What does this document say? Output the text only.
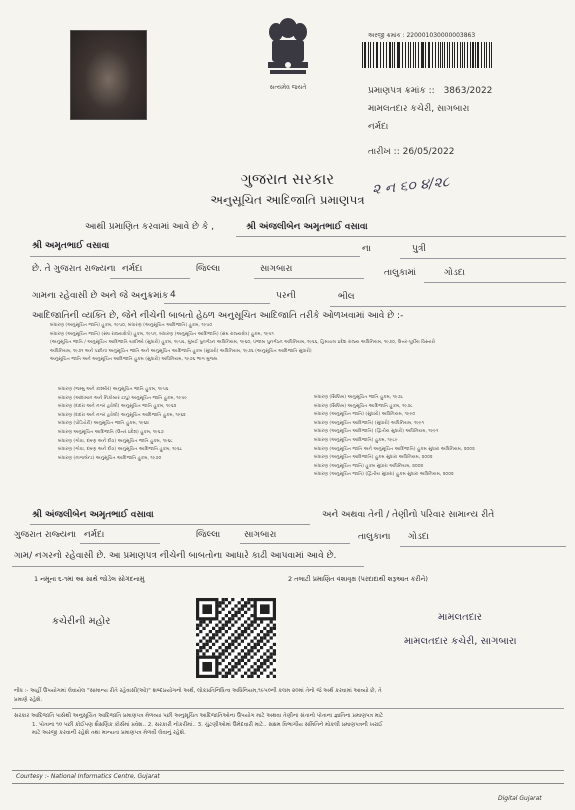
સત્યમેવ જયતે
અરજી ક્રમાંક : 220001030000003863
પ્રમાણપત્ર ક્રમાંક :: 3863/2022
મામલતદાર કચેરી, સાગબારા
નર્મદા
તારીખ :: 26/05/2022
ગુજરાત સરકાર
અનુસૂચિત આદિજાતિ પ્રમાણપત્ર
૨ ન ૬૦ ૪/૨૮
આથી પ્રમાણિત કરવામાં આવે છે કે ,	શ્રી અંજલીબેન અમૃતભાઈ વસાવા
શ્રી અમૃતભાઈ વસાવા	ના	પુત્રી
છે. તે ગુજરાત રાજ્યના નર્મદા	જિલ્લા	સાગબારા	તાલુકામાં	ગોડદા
ગામના રહેવાસી છે અને જે અનુક્રમાંક 4	પરની	ભીલ
આદિજાતિની વ્યક્તિ છે, જેને નીચેની બાબતો હેઠળ અનુસૂચિત આદિજાતિ તરીકે ઓળખવામાં આવે છે :-
બંધારણ (અનુસૂચિત જાતિ) હુકમ, ૧૯૫૦, બંધારણ (અનુસૂચિત આદિજાતિ) હુકમ, ૧૯૫૦
બંધારણ (અનુસૂચિત જાતિ) (સંઘ રાજ્યક્ષેત્રો) હુકમ, ૧૯૫૧, બંધારણ (અનુસૂચિત આદિજાતિ) (સંઘ રાજ્યક્ષેત્ર) હુકમ, ૧૯૫૧
(અનુસૂચિત જાતિ / અનુસૂચિત આદિજાતિ યાદીઓ (સુધારો) હુકમ, ૧૯૫૬, મુંબઈ પુનર્ગઠન અધિનિયમ, ૧૯૬૦, પંજાબ પુનર્ગઠન અધિનિયમ, ૧૯૬૬, હિમાચલ પ્રદેશ રાજ્ય અધિનિયમ, ૧૯૭૦, ઉત્તર-પૂર્વીય વિસ્તારો
અધિનિયમ, ૧૯૭૧ અને પછીના અનુસૂચિત જાતિ અને અનુસૂચિત આદિજાતિ હુકમ (સુધારો) અધિનિયમ, ૧૯૭૬ (અનુસૂચિત આદિજાતિ સુધારો)
અનુસૂચિત જાતિ અને અનુસૂચિત આદિજાતિ હુકમ (સુધારો) અધિનિયમ, ૧૯૭૬ ભાગ મુજબ

બંધારણ (જમ્મુ અને કાશ્મીર) અનુસૂચિત જાતિ હુકમ, ૧૯૫૬
બંધારણ (આંદામાન અને નિકોબાર ટાપુ) અનુસૂચિત જાતિ હુકમ, ૧૯૫૯
બંધારણ (દાદરા અને નગર હવેલી) અનુસૂચિત જાતિ હુકમ, ૧૯૬૨
બંધારણ (દાદરા અને નગર હવેલી) અનુસૂચિત આદિજાતિ હુકમ, ૧૯૬૨
બંધારણ (પોંડિચેરી) અનુસૂચિત જાતિ હુકમ, ૧૯૬૪
બંધારણ અનુસૂચિત આદિજાતિ (ઉત્તર પ્રદેશ) હુકમ, ૧૯૬૭
બંધારણ (ગોવા, દમણ અને દીવ) અનુસૂચિત જાતિ હુકમ, ૧૯૬૮
બંધારણ (ગોવા, દમણ અને દીવ) અનુસૂચિત આદિજાતિ હુકમ, ૧૯૬૮
બંધારણ (નાગાલેન્ડ) અનુસૂચિત આદિજાતિ હુકમ, ૧૯૭૦
બંધારણ (સિક્કિમ) અનુસૂચિત જાતિ હુકમ, ૧૯૭૮
બંધારણ (સિક્કિમ) અનુસૂચિત આદિજાતિ હુકમ, ૧૯૭૮
બંધારણ (અનુસૂચિત જાતિ) (સુધારો) અધિનિયમ, ૧૯૯૦
બંધારણ (અનુસૂચિત આદિજાતિ) (સુધારો) અધિનિયમ, ૧૯૯૧
બંધારણ (અનુસૂચિત આદિજાતિ) (દ્વિતીય સુધારો) અધિનિયમ, ૧૯૯૧
બંધારણ (અનુસૂચિત આદિજાતિ) હુકમ, ૧૯૮૯
બંધારણ (અનુસૂચિત જાતિ અને અનુસૂચિત આદિજાતિ) હુકમ સુધારા અધિનિયમ, ૨૦૦૨
બંધારણ (અનુસૂચિત આદિજાતિ) હુકમ સુધારા અધિનિયમ, ૨૦૦૨
બંધારણ (અનુસૂચિત જાતિ) હુકમ સુધારા અધિનિયમ, ૨૦૦૨
બંધારણ (અનુસૂચિત જાતિ) (દ્વિતીય સુધારા) હુકમ સુધારા અધિનિયમ, ૨૦૦૨
શ્રી અંજલીબેન અમૃતભાઈ વસાવા	અને અથવા તેની / તેણીનો પરિવાર સામાન્ય રીતે
ગુજરાત રાજ્યના નર્મદા	જિલ્લા	સાગબારા	તાલુકાના ગોડદા
ગામ/ નગરનો રહેવાસી છે. આ પ્રમાણપત્ર નીચેની બાબતોના આધારે કાઢી આપવામાં આવે છે.
1 નમૂના ૬-૧માં આ સાથે જોડેલ સોગંદનામું	2 તલાટી પ્રમાણિત વંશાવૃક્ષ (પરદાદાથી શરૂઆત કરીને)
કચેરીની મહોર	મામલતદાર
મામલતદાર કચેરી, સાગબારા
નોંધ :- અહીં ઉપયોગમાં લેવાયેલ "સામાન્ય રીતે રહેવાસી(ઓ)" શબ્દપ્રયોગનો અર્થ, લોકપ્રતિનિધિત્વ અધિનિયમ,૧૯૫૦ની કલમ ૨૦માં તેનો જે અર્થ કરવામાં આવ્યો છે, તે
પ્રમાણે રહેશે.
સરકાર આદિજાતિ પાસેથી અનુસૂચિત આદિજાતિ પ્રમાણપત્ર મેળવ્યા પછી અનુસૂચિત આદિજાતિઓના ઉપયોગ માટે અથવા તેણીના સંતાનો પોતાના જ્ઞાતિના પ્રમાણપત્ર માટે
1. પોતાના ૧૦ પછી કોઈપણ શૈક્ષણિક કોર્સમાં પ્રવેશ.. 2. સરકારી નોકરીમાં.. 3. ચુંટણીઓમાં ઉમેદવારી માટે.. સક્ષમ વિભાગીય સમિતિને મોકલી પ્રમાણપત્રની ખરાઈ
માટે અરજી કરવાની રહેશે તથા માન્યતા પ્રમાણપત્ર મેળવી લેવાનું રહેશે.
Courtesy :- National Informatics Centre, Gujarat
Digital Gujarat
